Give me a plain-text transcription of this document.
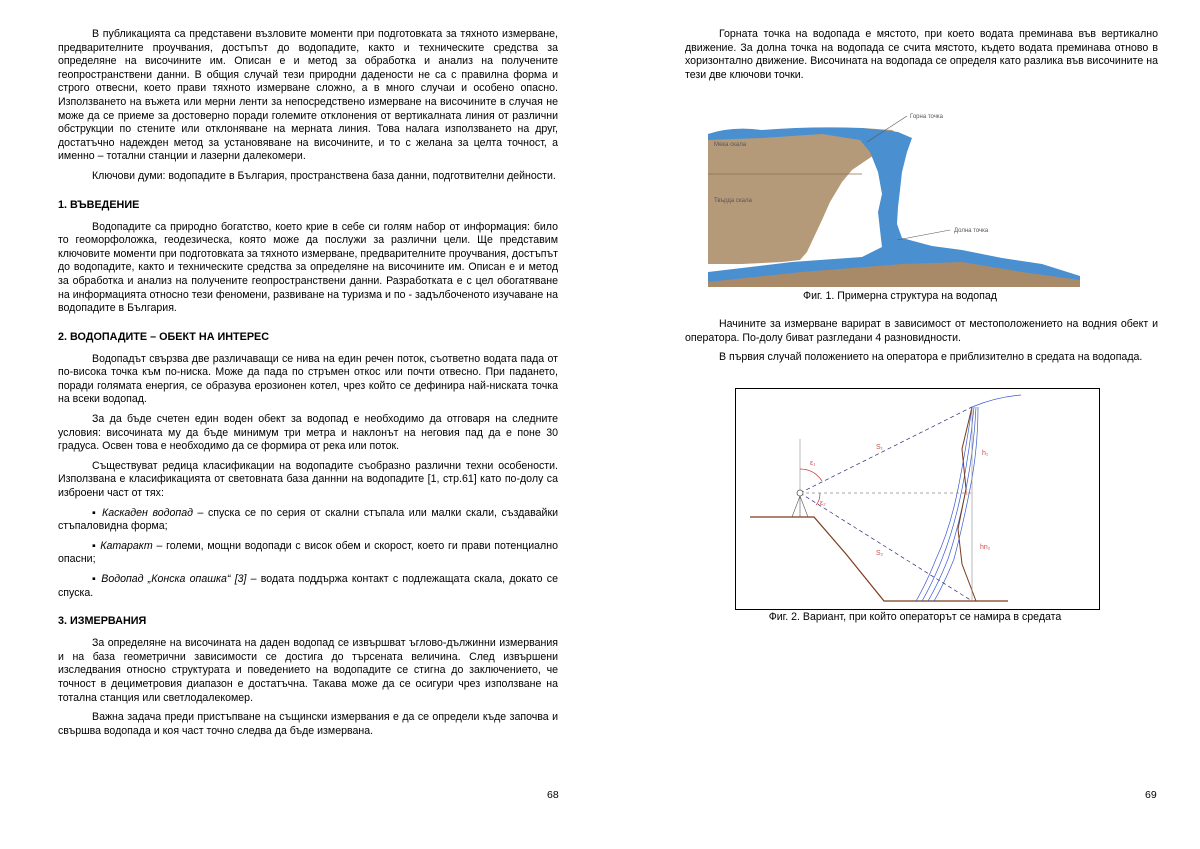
В публикацията са представени възловите моменти при подготовката за тяхното измерване, предварителните проучвания, достъпът до водопадите, както и техническите средства за определяне на височините им. Описан е и метод за обработка и анализ на получените геопространствени данни. В общия случай тези природни дадености не са с правилна форма и строго отвесни, което прави тяхното измерване сложно, а в много случаи и особено опасно. Използването на въжета или мерни ленти за непосредствено измерване на височините в случая не може да се приеме за достоверно поради големите отклонения от вертикалната линия от различни обструкции по стените или отклоняване на мерната линия. Това налага използването на друг, достатъчно надежден метод за установяване на височините, и то с желана за целта точност, а именно – тотални станции и лазерни далекомери.

Ключови думи: водопадите в България, пространствена база данни, подготвителни дейности.

1. ВЪВЕДЕНИЕ

Водопадите са природно богатство, което крие в себе си голям набор от информация: било то геоморфоложка, геодезическа, която може да послужи за различни цели. Ще представим ключовите моменти при подготовката за тяхното измерване, предварителните проучвания, достъпът до водопадите, както и техническите средства за определяне на височините им. Описан е и метод за обработка и анализ на получените геопространствени данни. Разработката е с цел обогатяване на информацията относно тези феномени, развиване на туризма и по - задълбоченото изучаване на водопадите в България.

2. ВОДОПАДИТЕ – ОБЕКТ НА ИНТЕРЕС

Водопадът свързва две различаващи се нива на един речен поток, съответно водата пада от по-висока точка към по-ниска. Може да пада по стръмен откос или почти отвесно. При падането, поради голямата енергия, се образува ерозионен котел, чрез който се дефинира най-ниската точка на всеки водопад.

За да бъде счетен един воден обект за водопад е необходимо да отговаря на следните условия: височината му да бъде минимум три метра и наклонът на неговия пад да е поне 30 градуса. Освен това е необходимо да се формира от река или поток.

Съществуват редица класификации на водопадите съобразно различни техни особености. Използвана е класификацията от световната база даннни на водопадите [1, стр.61] като по-долу са изброени част от тях:

▪ Каскаден водопад – спуска се по серия от скални стъпала или малки скали, създавайки стъпаловидна форма;

▪ Катаракт – големи, мощни водопади с висок обем и скорост, което ги прави потенциално опасни;

▪ Водопад „Конска опашка“ [3] – водата поддържа контакт с подлежащата скала, докато се спуска.

3. ИЗМЕРВАНИЯ

За определяне на височината на даден водопад се извършват ъглово-дължинни измервания и на база геометрични зависимости се достига до търсената величина. След извършени изследвания относно структурата и поведението на водопадите се стигна до заключението, че точност в дециметровия диапазон е достатъчна. Такава може да се осигури чрез използване на тотална станция или светлодалекомер.

Важна задача преди пристъпване на същински измервания е да се определи къде започва и свършва водопада и коя част точно следва да бъде измервана.

68

Горната точка на водопада е мястото, при което водата преминава във вертикално движение. За долна точка на водопада се счита мястото, където водата преминава отново в хоризонтално движение. Височината на водопада се определя като разлика във височините на тези две ключови точки.

Горна точка
Долна точка
Мека скала
Твърда скала
Фиг. 1. Примерна структура на водопад

Начините за измерване варират в зависимост от местоположението на водния обект и оператора. По-долу биват разгледани 4 разновидности.

В първия случай положението на оператора е приблизително в средата на водопада.

S₁
S₂
ε₁
ε₂
h₁
hn₂
i
Фиг. 2. Вариант, при който операторът се намира в средата
69
